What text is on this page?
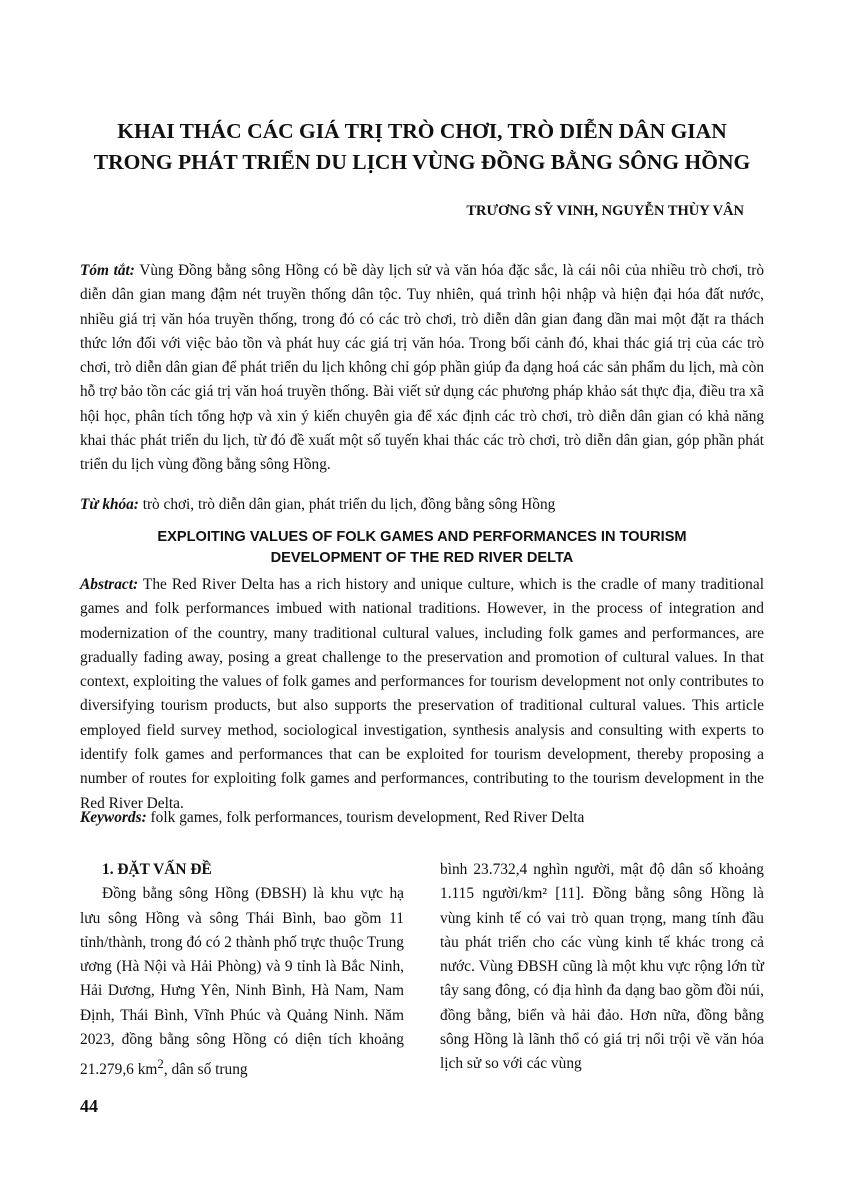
KHAI THÁC CÁC GIÁ TRỊ TRÒ CHƠI, TRÒ DIỄN DÂN GIAN
TRONG PHÁT TRIỂN DU LỊCH VÙNG ĐỒNG BẰNG SÔNG HỒNG

TRƯƠNG SỸ VINH, NGUYỄN THÙY VÂN

Tóm tắt: Vùng Đồng bằng sông Hồng có bề dày lịch sử và văn hóa đặc sắc, là cái nôi của nhiều trò chơi, trò diễn dân gian mang đậm nét truyền thống dân tộc. Tuy nhiên, quá trình hội nhập và hiện đại hóa đất nước, nhiều giá trị văn hóa truyền thống, trong đó có các trò chơi, trò diễn dân gian đang dần mai một đặt ra thách thức lớn đối với việc bảo tồn và phát huy các giá trị văn hóa. Trong bối cảnh đó, khai thác giá trị của các trò chơi, trò diễn dân gian để phát triển du lịch không chỉ góp phần giúp đa dạng hoá các sản phẩm du lịch, mà còn hỗ trợ bảo tồn các giá trị văn hoá truyền thống. Bài viết sử dụng các phương pháp khảo sát thực địa, điều tra xã hội học, phân tích tổng hợp và xin ý kiến chuyên gia để xác định các trò chơi, trò diễn dân gian có khả năng khai thác phát triển du lịch, từ đó đề xuất một số tuyến khai thác các trò chơi, trò diễn dân gian, góp phần phát triển du lịch vùng đồng bằng sông Hồng.

Từ khóa: trò chơi, trò diễn dân gian, phát triển du lịch, đồng bằng sông Hồng

EXPLOITING VALUES OF FOLK GAMES AND PERFORMANCES IN TOURISM
DEVELOPMENT OF THE RED RIVER DELTA

Abstract: The Red River Delta has a rich history and unique culture, which is the cradle of many traditional games and folk performances imbued with national traditions. However, in the process of integration and modernization of the country, many traditional cultural values, including folk games and performances, are gradually fading away, posing a great challenge to the preservation and promotion of cultural values. In that context, exploiting the values of folk games and performances for tourism development not only contributes to diversifying tourism products, but also supports the preservation of traditional cultural values. This article employed field survey method, sociological investigation, synthesis analysis and consulting with experts to identify folk games and performances that can be exploited for tourism development, thereby proposing a number of routes for exploiting folk games and performances, contributing to the tourism development in the Red River Delta.

Keywords: folk games, folk performances, tourism development, Red River Delta

1. ĐẶT VẤN ĐỀ

Đồng bằng sông Hồng (ĐBSH) là khu vực hạ lưu sông Hồng và sông Thái Bình, bao gồm 11 tỉnh/thành, trong đó có 2 thành phố trực thuộc Trung ương (Hà Nội và Hải Phòng) và 9 tỉnh là Bắc Ninh, Hải Dương, Hưng Yên, Ninh Bình, Hà Nam, Nam Định, Thái Bình, Vĩnh Phúc và Quảng Ninh. Năm 2023, đồng bằng sông Hồng có diện tích khoảng 21.279,6 $km^2$, dân số trung

bình 23.732,4 nghìn người, mật độ dân số khoảng 1.115 người/km² [11]. Đồng bằng sông Hồng là vùng kinh tế có vai trò quan trọng, mang tính đầu tàu phát triển cho các vùng kinh tế khác trong cả nước. Vùng ĐBSH cũng là một khu vực rộng lớn từ tây sang đông, có địa hình đa dạng bao gồm đồi núi, đồng bằng, biển và hải đảo. Hơn nữa, đồng bằng sông Hồng là lãnh thổ có giá trị nổi trội về văn hóa lịch sử so với các vùng

44
